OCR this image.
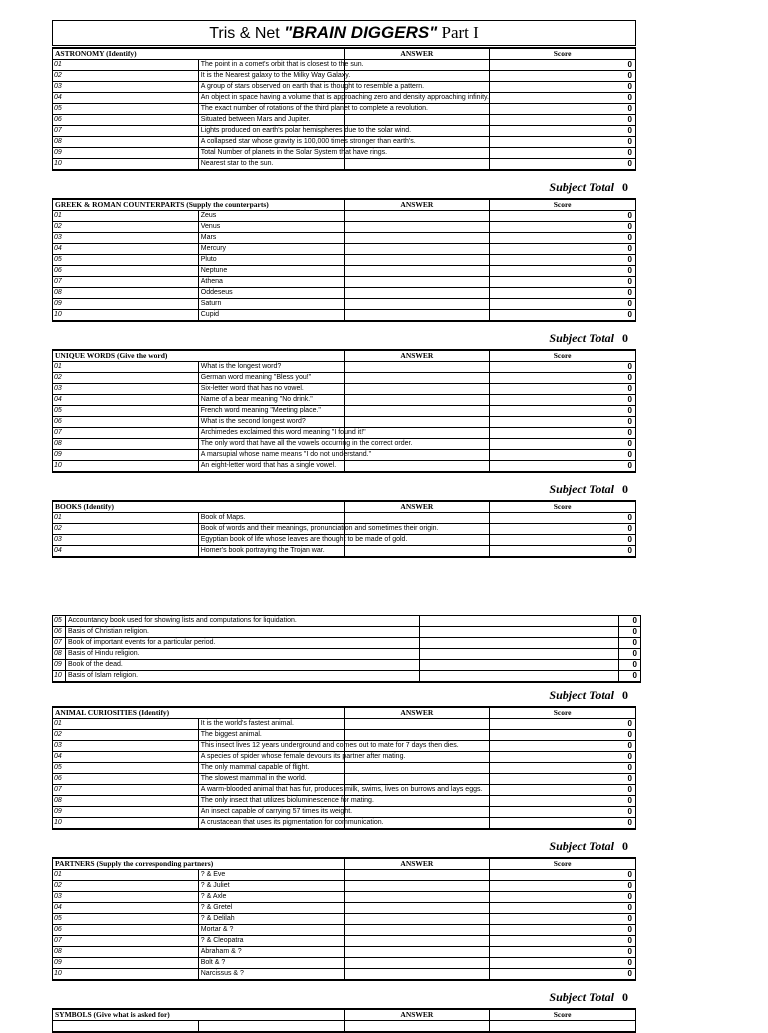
Tris & Net "BRAIN DIGGERS" Part I
ASTRONOMY (Identify)		ANSWER	Score
01	The point in a comet's orbit that is closest to the sun.		0
02	It is the Nearest galaxy to the Milky Way Galaxy.		0
03	A group of stars observed on earth that is thought to resemble a pattern.		0
04	An object in space having a volume that is approaching zero and density approaching infinity.		0
05	The exact number of rotations of the third planet to complete a revolution.		0
06	Situated between Mars and Jupiter.		0
07	Lights produced on earth's polar hemispheres due to the solar wind.		0
08	A collapsed star whose gravity is 100,000 times stronger than earth's.		0
09	Total Number of planets in the Solar System that have rings.		0
10	Nearest star to the sun.		0
Subject Total 0
GREEK & ROMAN COUNTERPARTS (Supply the counterparts)		ANSWER	Score
01	Zeus		0
02	Venus		0
03	Mars		0
04	Mercury		0
05	Pluto		0
06	Neptune		0
07	Athena		0
08	Oddeseus		0
09	Saturn		0
10	Cupid		0
Subject Total 0
UNIQUE WORDS (Give the word)		ANSWER	Score
01	What is the longest word?		0
02	German word meaning "Bless you!"		0
03	Six-letter word that has no vowel.		0
04	Name of a bear meaning "No drink."		0
05	French word meaning "Meeting place."		0
06	What is the second longest word?		0
07	Archimedes exclaimed this word meaning "I found it!"		0
08	The only word that have all the vowels occurring in the correct order.		0
09	A marsupial whose name means "I do not understand."		0
10	An eight-letter word that has a single vowel.		0
Subject Total 0
BOOKS (Identify)		ANSWER	Score
01	Book of Maps.		0
02	Book of words and their meanings, pronunciation and sometimes their origin.		0
03	Egyptian book of life whose leaves are thought to be made of gold.		0
04	Homer's book portraying the Trojan war.		0
05	Accountancy book used for showing lists and computations for liquidation.		0
06	Basis of Christian religion.		0
07	Book of important events for a particular period.		0
08	Basis of Hindu religion.		0
09	Book of the dead.		0
10	Basis of Islam religion.		0
Subject Total 0
ANIMAL CURIOSITIES (Identify)		ANSWER	Score
01	It is the world's fastest animal.		0
02	The biggest animal.		0
03	This insect lives 12 years underground and comes out to mate for 7 days then dies.		0
04	A species of spider whose female devours its partner after mating.		0
05	The only mammal capable of flight.		0
06	The slowest mammal in the world.		0
07	A warm-blooded animal that has fur, produces milk, swims, lives on burrows and lays eggs.		0
08	The only insect that utilizes bioluminescence for mating.		0
09	An insect capable of carrying 57 times its weight.		0
10	A crustacean that uses its pigmentation for communication.		0
Subject Total 0
PARTNERS (Supply the corresponding partners)		ANSWER	Score
01	? & Eve		0
02	? & Juliet		0
03	? & Axle		0
04	? & Gretel		0
05	? & Delilah		0
06	Mortar & ?		0
07	? & Cleopatra		0
08	Abraham & ?		0
09	Bolt & ?		0
10	Narcissus & ?		0
Subject Total 0
SYMBOLS (Give what is asked for)		ANSWER	Score
